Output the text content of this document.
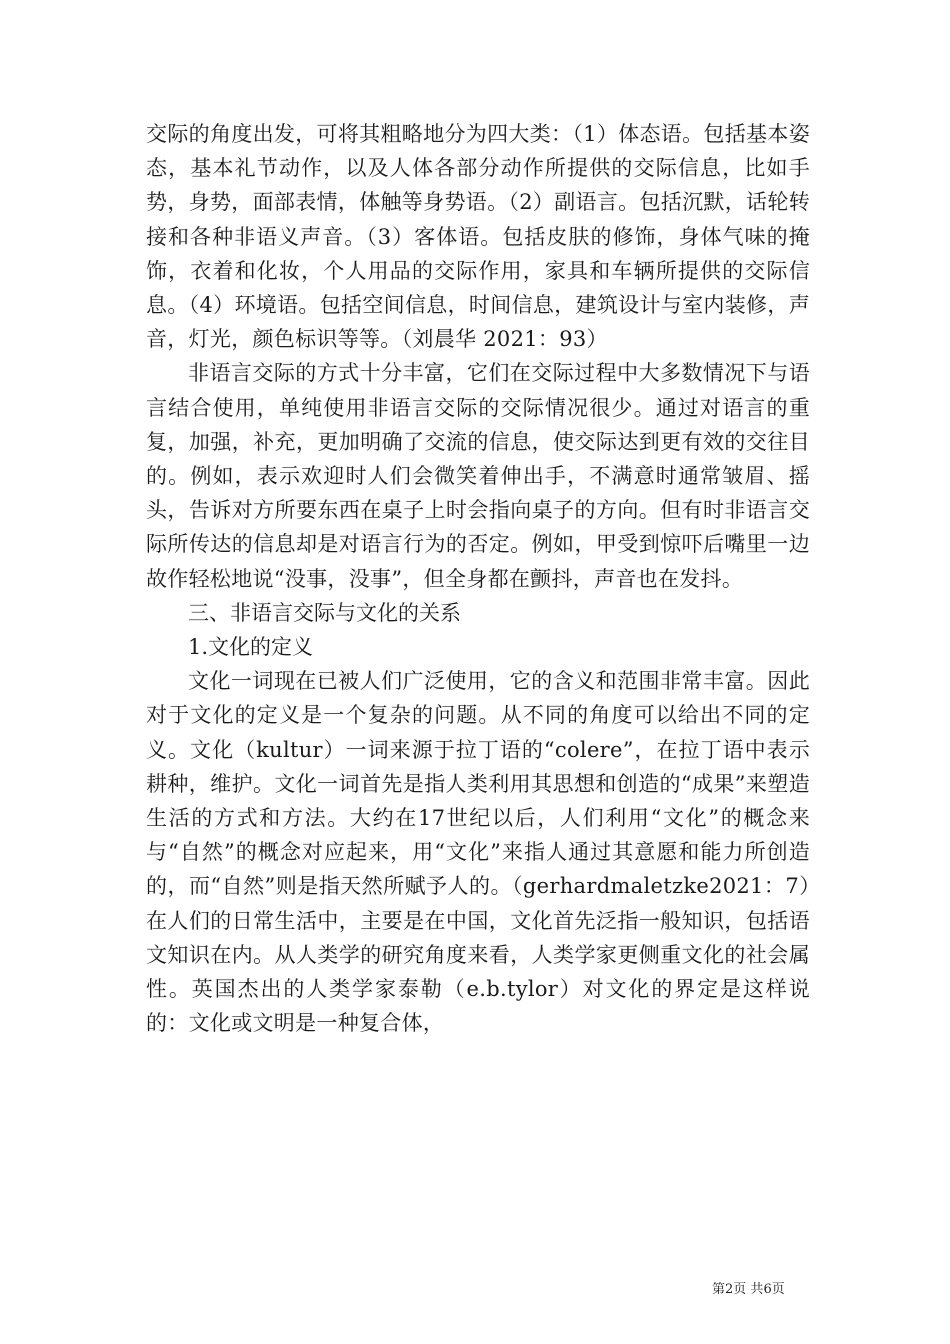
交际的角度出发，可将其粗略地分为四大类：（1）体态语。包括基本姿态，基本礼节动作，以及人体各部分动作所提供的交际信息，比如手势，身势，面部表情，体触等身势语。（2）副语言。包括沉默，话轮转接和各种非语义声音。（3）客体语。包括皮肤的修饰，身体气味的掩饰，衣着和化妆，个人用品的交际作用，家具和车辆所提供的交际信息。（4）环境语。包括空间信息，时间信息，建筑设计与室内装修，声音，灯光，颜色标识等等。（刘晨华 2021：93）

非语言交际的方式十分丰富，它们在交际过程中大多数情况下与语言结合使用，单纯使用非语言交际的交际情况很少。通过对语言的重复，加强，补充，更加明确了交流的信息，使交际达到更有效的交往目的。例如，表示欢迎时人们会微笑着伸出手，不满意时通常皱眉、摇头，告诉对方所要东西在桌子上时会指向桌子的方向。但有时非语言交际所传达的信息却是对语言行为的否定。例如，甲受到惊吓后嘴里一边故作轻松地说“没事，没事”，但全身都在颤抖，声音也在发抖。

三、非语言交际与文化的关系

1.文化的定义

文化一词现在已被人们广泛使用，它的含义和范围非常丰富。因此对于文化的定义是一个复杂的问题。从不同的角度可以给出不同的定义。文化（kultur）一词来源于拉丁语的“colere”，在拉丁语中表示耕种，维护。文化一词首先是指人类利用其思想和创造的“成果”来塑造生活的方式和方法。大约在17世纪以后，人们利用“文化”的概念来与“自然”的概念对应起来，用“文化”来指人通过其意愿和能力所创造的，而“自然”则是指天然所赋予人的。（gerhardmaletzke2021：7）在人们的日常生活中，主要是在中国，文化首先泛指一般知识，包括语文知识在内。从人类学的研究角度来看，人类学家更侧重文化的社会属性。英国杰出的人类学家泰勒（e.b.tylor）对文化的界定是这样说的：文化或文明是一种复合体，

第2页 共6页
